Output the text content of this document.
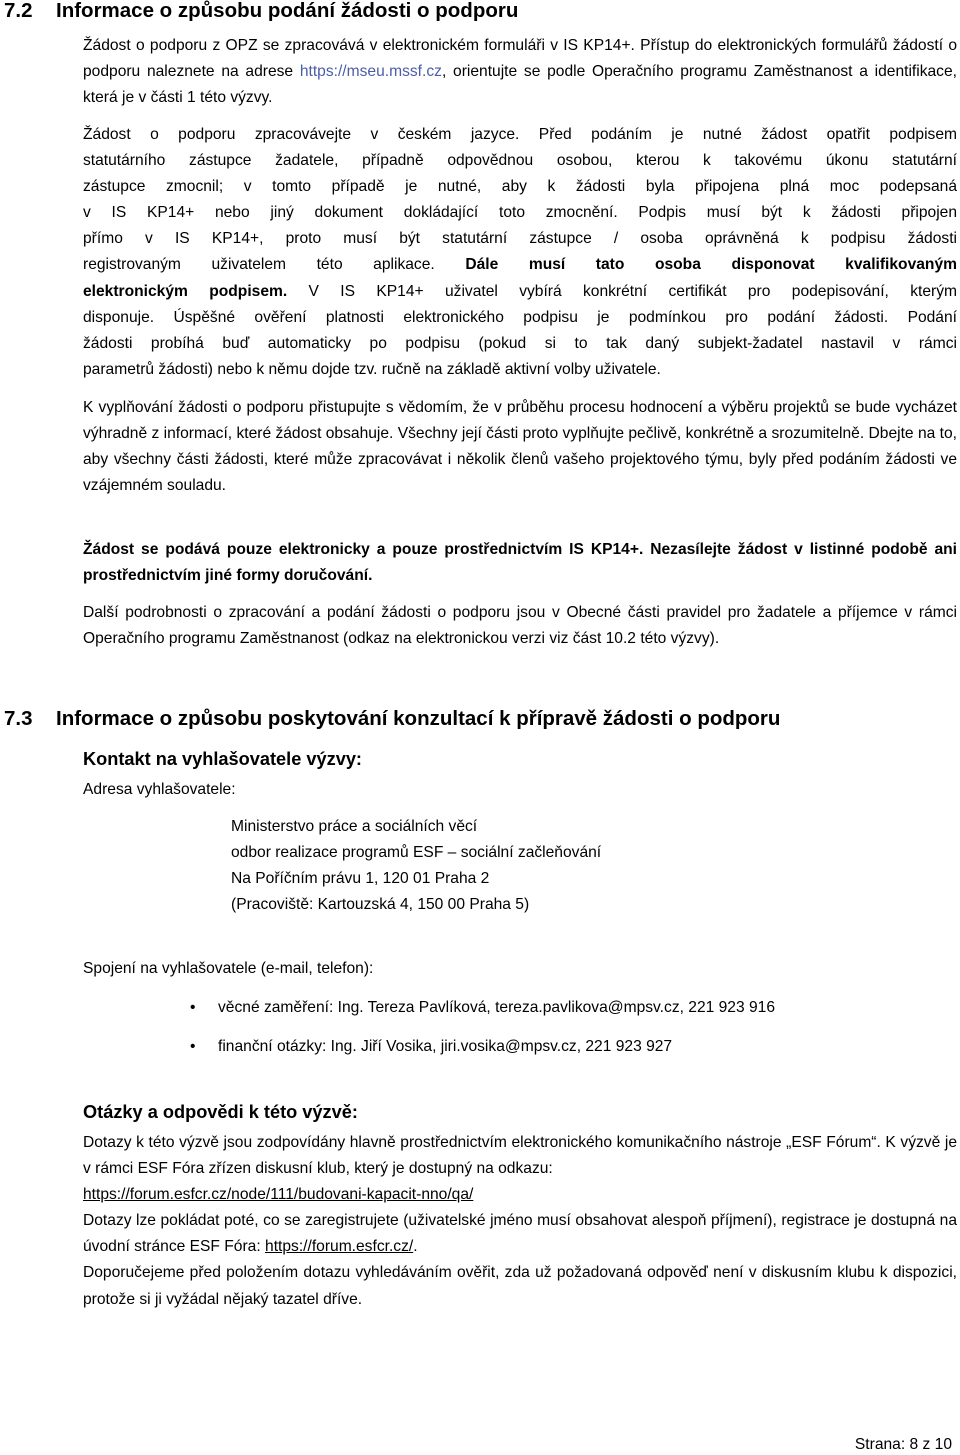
7.2 Informace o způsobu podání žádosti o podporu

Žádost o podporu z OPZ se zpracovává v elektronickém formuláři v IS KP14+. Přístup do elektronických formulářů žádostí o podporu naleznete na adrese https://mseu.mssf.cz, orientujte se podle Operačního programu Zaměstnanost a identifikace, která je v části 1 této výzvy.

Žádost o podporu zpracovávejte v českém jazyce. Před podáním je nutné žádost opatřit podpisem

statutárního zástupce žadatele, případně odpovědnou osobou, kterou k takovému úkonu statutární

zástupce zmocnil; v tomto případě je nutné, aby k žádosti byla připojena plná moc podepsaná

v IS KP14+ nebo jiný dokument dokládající toto zmocnění. Podpis musí být k žádosti připojen

přímo v IS KP14+, proto musí být statutární zástupce / osoba oprávněná k podpisu žádosti

registrovaným uživatelem této aplikace. Dále musí tato osoba disponovat kvalifikovaným

elektronickým podpisem. V IS KP14+ uživatel vybírá konkrétní certifikát pro podepisování, kterým

disponuje. Úspěšné ověření platnosti elektronického podpisu je podmínkou pro podání žádosti. Podání

žádosti probíhá buď automaticky po podpisu (pokud si to tak daný subjekt-žadatel nastavil v rámci

parametrů žádosti) nebo k němu dojde tzv. ručně na základě aktivní volby uživatele.

K vyplňování žádosti o podporu přistupujte s vědomím, že v průběhu procesu hodnocení a výběru projektů se bude vycházet výhradně z informací, které žádost obsahuje. Všechny její části proto vyplňujte pečlivě, konkrétně a srozumitelně. Dbejte na to, aby všechny části žádosti, které může zpracovávat i několik členů vašeho projektového týmu, byly před podáním žádosti ve vzájemném souladu.

Žádost se podává pouze elektronicky a pouze prostřednictvím IS KP14+. Nezasílejte žádost v listinné podobě ani prostřednictvím jiné formy doručování.

Další podrobnosti o zpracování a podání žádosti o podporu jsou v Obecné části pravidel pro žadatele a příjemce v rámci Operačního programu Zaměstnanost (odkaz na elektronickou verzi viz část 10.2 této výzvy).

7.3 Informace o způsobu poskytování konzultací k přípravě žádosti o podporu
Kontakt na vyhlašovatele výzvy:

Adresa vyhlašovatele:

Ministerstvo práce a sociálních věcí

odbor realizace programů ESF – sociální začleňování

Na Poříčním právu 1, 120 01 Praha 2

(Pracoviště: Kartouzská 4, 150 00 Praha 5)

Spojení na vyhlašovatele (e-mail, telefon):

• věcné zaměření: Ing. Tereza Pavlíková, tereza.pavlikova@mpsv.cz, 221 923 916

• finanční otázky: Ing. Jiří Vosika, jiri.vosika@mpsv.cz, 221 923 927

Otázky a odpovědi k této výzvě:

Dotazy k této výzvě jsou zodpovídány hlavně prostřednictvím elektronického komunikačního nástroje „ESF Fórum“. K výzvě je v rámci ESF Fóra zřízen diskusní klub, který je dostupný na odkazu:

https://forum.esfcr.cz/node/111/budovani-kapacit-nno/qa/

Dotazy lze pokládat poté, co se zaregistrujete (uživatelské jméno musí obsahovat alespoň příjmení), registrace je dostupná na úvodní stránce ESF Fóra: https://forum.esfcr.cz/.

Doporučejeme před položením dotazu vyhledáváním ověřit, zda už požadovaná odpověď není v diskusním klubu k dispozici, protože si ji vyžádal nějaký tazatel dříve.

Strana: 8 z 10
